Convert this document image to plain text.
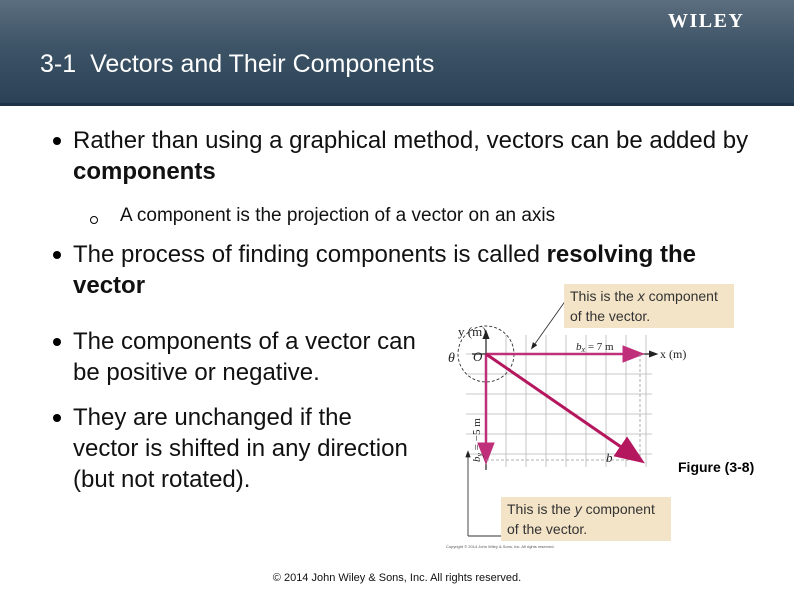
WILEY
3-1 Vectors and Their Components
Rather than using a graphical method, vectors can be added by components
A component is the projection of a vector on an axis
The process of finding components is called resolving the vector
The components of a vector can be positive or negative.
They are unchanged if the vector is shifted in any direction (but not rotated).
y (m)
x (m)
θ O
bx = 7 m
by = −5 m
b
This is the x component
of the vector.
This is the y component
of the vector.
Copyright © 2014 John Wiley & Sons, Inc. All rights reserved.
Figure (3-8)
© 2014 John Wiley & Sons, Inc. All rights reserved.
